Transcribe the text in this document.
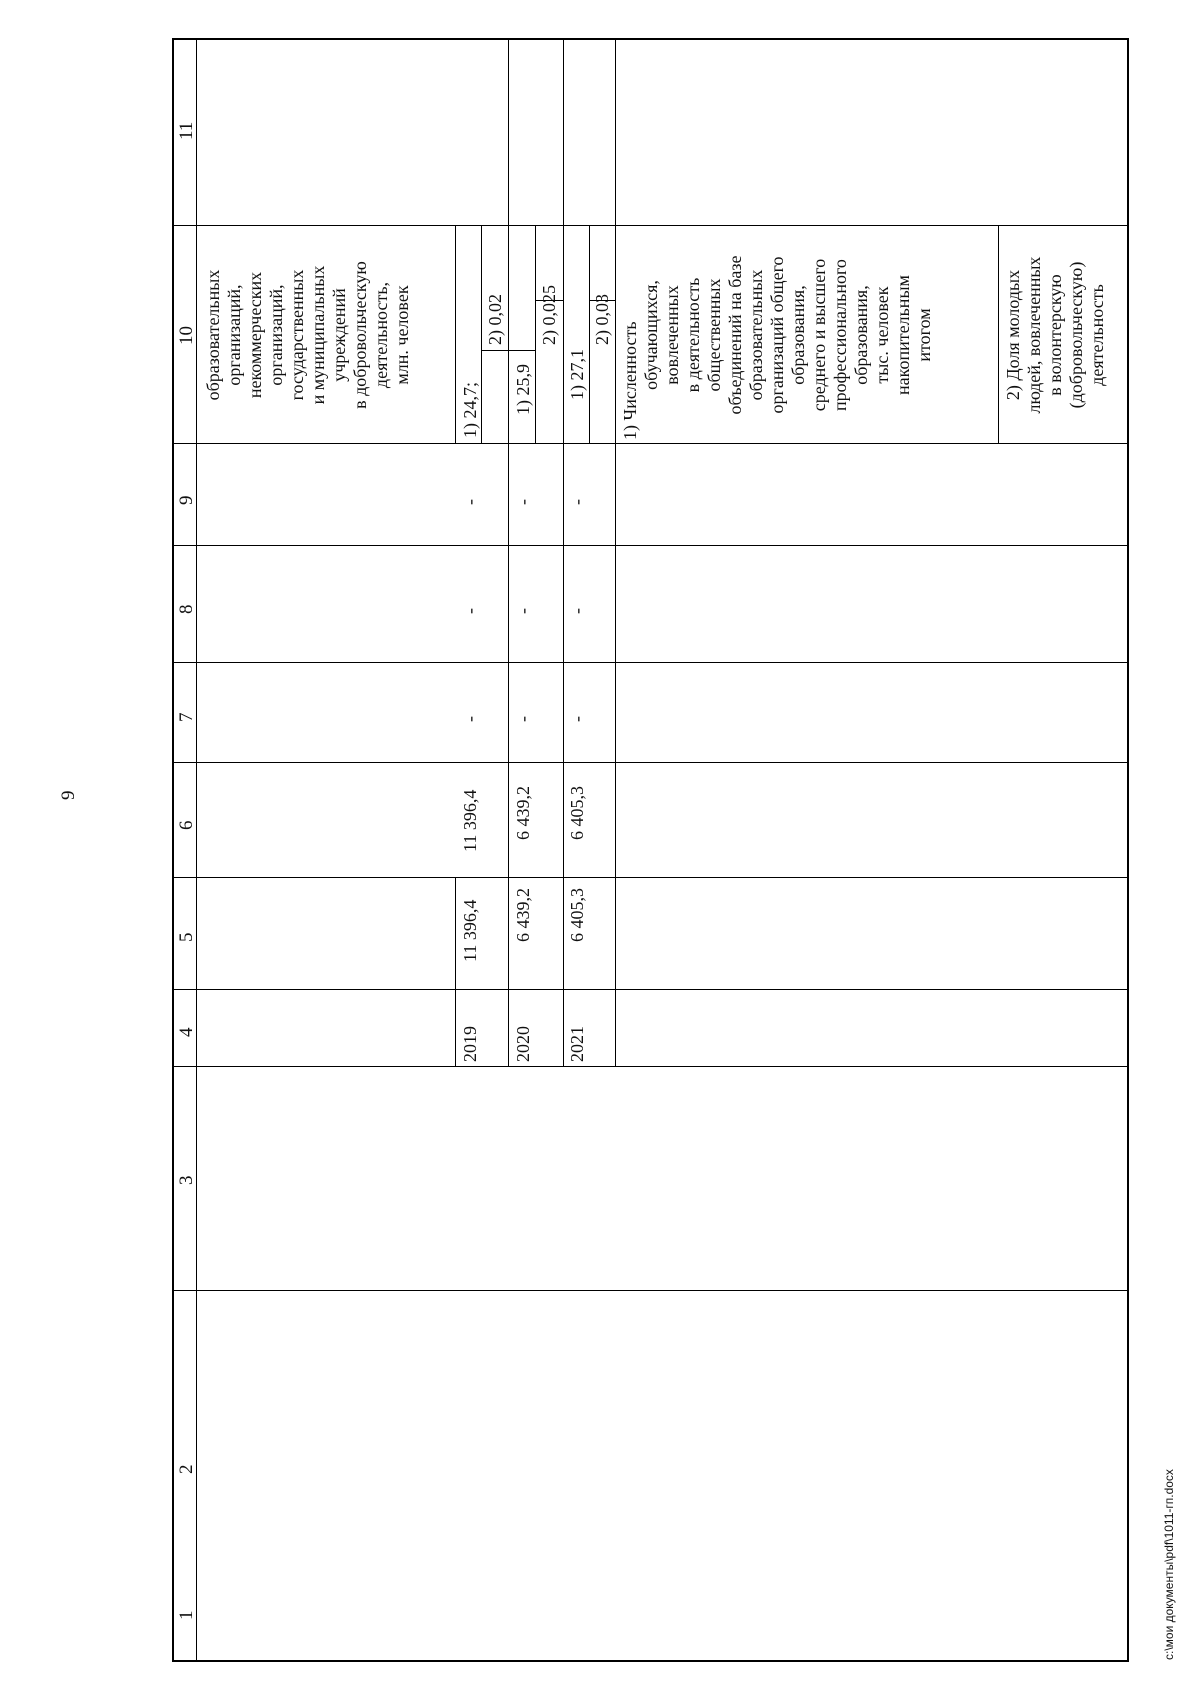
9
c:\мои документы\pdf\1011-гп.docx
11
10
9
8
7
6
5
4
3
2
1
образовательных организаций, некоммерческих организаций, государственных и муниципальных учреждений в добровольческую деятельность, млн. человек
2019
11 396,4
11 396,4
-
-
-
1) 24,7;
2) 0,02
2020
6 439,2
6 439,2
-
-
-
1) 25,9
2) 0,025
2021
6 405,3
6 405,3
-
-
-
1) 27,1
2) 0,03
1) Численность обучающихся, вовлеченных в деятельность общественных объединений на базе образовательных организаций общего образования, среднего и высшего профессионального образования, тыс. человек накопительным итогом	2) Доля молодых людей, вовлеченных в волонтерскую (добровольческую) деятельность
